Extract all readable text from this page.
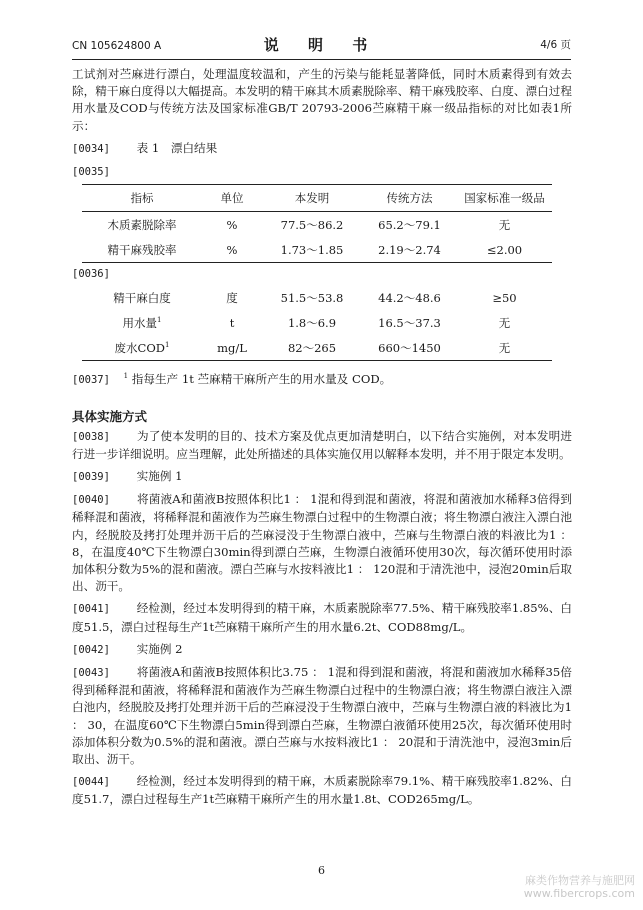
CN 105624800 A	说 明 书	4/6 页

工试剂对苎麻进行漂白，处理温度较温和，产生的污染与能耗显著降低，同时木质素得到有效去除，精干麻白度得以大幅提高。本发明的精干麻其木质素脱除率、精干麻残胶率、白度、漂白过程用水量及COD与传统方法及国家标准GB/T 20793-2006苎麻精干麻一级品指标的对比如表1所示：

[0034] 表 1　漂白结果

[0035]

指标	单位	本发明	传统方法	国家标准一级品
木质素脱除率	%	77.5～86.2	65.2～79.1	无
精干麻残胶率	%	1.73～1.85	2.19～2.74	≤2.00

[0036]

精干麻白度	度	51.5～53.8	44.2～48.6	≥50
用水量$^1$	t	1.8～6.9	16.5～37.3	无
废水COD$^1$	mg/L	82～265	660～1450	无

[0037] $^1$ 指每生产 1t 苎麻精干麻所产生的用水量及 COD。

具体实施方式

[0038] 为了使本发明的目的、技术方案及优点更加清楚明白，以下结合实施例，对本发明进行进一步详细说明。应当理解，此处所描述的具体实施仅用以解释本发明，并不用于限定本发明。

[0039] 实施例 1

[0040] 将菌液A和菌液B按照体积比1 ： 1混和得到混和菌液，将混和菌液加水稀释3倍得到稀释混和菌液，将稀释混和菌液作为苎麻生物漂白过程中的生物漂白液；将生物漂白液注入漂白池内，经脱胶及拷打处理并沥干后的苎麻浸没于生物漂白液中，苎麻与生物漂白液的料液比为1 ： 8，在温度40℃下生物漂白30min得到漂白苎麻，生物漂白液循环使用30次，每次循环使用时添加体积分数为5%的混和菌液。漂白苎麻与水按料液比1 ： 120混和于清洗池中，浸泡20min后取出、沥干。

[0041] 经检测，经过本发明得到的精干麻，木质素脱除率77.5%、精干麻残胶率1.85%、白度51.5，漂白过程每生产1t苎麻精干麻所产生的用水量6.2t、COD88mg/L。

[0042] 实施例 2

[0043] 将菌液A和菌液B按照体积比3.75 ： 1混和得到混和菌液，将混和菌液加水稀释35倍得到稀释混和菌液，将稀释混和菌液作为苎麻生物漂白过程中的生物漂白液；将生物漂白液注入漂白池内，经脱胶及拷打处理并沥干后的苎麻浸没于生物漂白液中，苎麻与生物漂白液的料液比为1 ： 30，在温度60℃下生物漂白5min得到漂白苎麻，生物漂白液循环使用25次，每次循环使用时添加体积分数为0.5%的混和菌液。漂白苎麻与水按料液比1 ： 20混和于清洗池中，浸泡3min后取出、沥干。

[0044] 经检测，经过本发明得到的精干麻，木质素脱除率79.1%、精干麻残胶率1.82%、白度51.7，漂白过程每生产1t苎麻精干麻所产生的用水量1.8t、COD265mg/L。

6
麻类作物营养与施肥网
www.fibercrops.com
